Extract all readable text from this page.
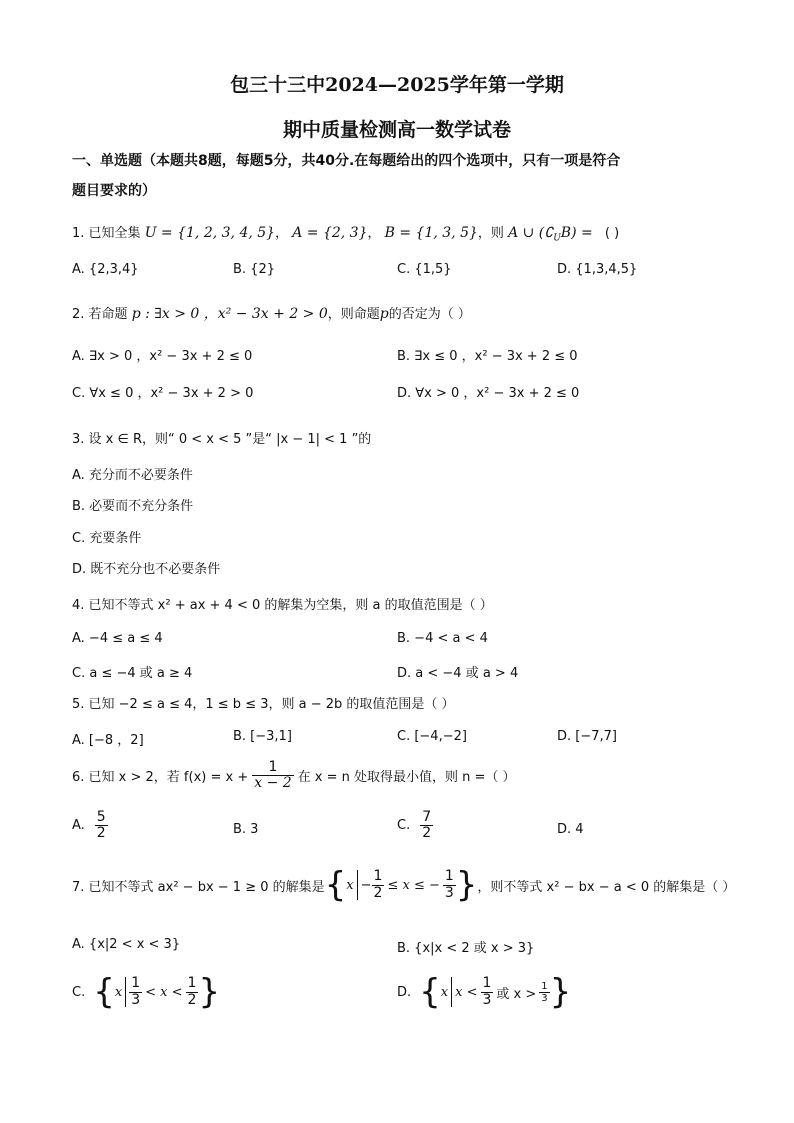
包三十三中2024—2025学年第一学期
期中质量检测高一数学试卷
一、单选题（本题共8题，每题5分，共40分.在每题给出的四个选项中，只有一项是符合
题目要求的）
1. 已知全集 U = {1, 2, 3, 4, 5}， A = {2, 3}， B = {1, 3, 5}，则 A ∪ $(∁_UB)$ = ( )
A. {2,3,4}	B. {2}	C. {1,5}	D. {1,3,4,5}
2. 若命题 p : ∃x > 0 ，x² − 3x + 2 > 0，则命题p的否定为（ ）
A. ∃x > 0 ，x² − 3x + 2 ≤ 0	B. ∃x ≤ 0 ，x² − 3x + 2 ≤ 0
C. ∀x ≤ 0 ，x² − 3x + 2 > 0	D. ∀x > 0 ，x² − 3x + 2 ≤ 0
3. 设 x ∈ R，则“ 0 < x < 5 ”是“ |x − 1| < 1 ”的
A. 充分而不必要条件
B. 必要而不充分条件
C. 充要条件
D. 既不充分也不必要条件
4. 已知不等式 x² + ax + 4 < 0 的解集为空集，则 a 的取值范围是（ ）
A. −4 ≤ a ≤ 4	B. −4 < a < 4
C. a ≤ −4 或 a ≥ 4	D. a < −4 或 a > 4
5. 已知 −2 ≤ a ≤ 4，1 ≤ b ≤ 3，则 a − 2b 的取值范围是（ ）
A. [−8 ，2]	B. [−3,1]	C. [−4,−2]	D. [−7,7]
6. 已知 x > 2，若 $f(x) = x + \frac{1}{x - 2}$ 在 x = n 处取得最小值，则 n =（ ）
A. $\frac{5}{2}$	B. 3	C. $\frac{7}{2}$	D. 4
7. 已知不等式 ax² − bx − 1 ≥ 0 的解集是 { $x - \frac{1}{2} \le x$ ≤ − $\frac{1}{3}$ } ，则不等式 x² − bx − a < 0 的解集是（ ）
A. {x|2 < x < 3}	B. {x|x < 2 或 x > 3}
C. { x $\frac{1}{3} < x < \frac{1}{2}$ }	D. { x $x < \frac{1}{3}$ 或 $x > \frac{1}{3}$ }
